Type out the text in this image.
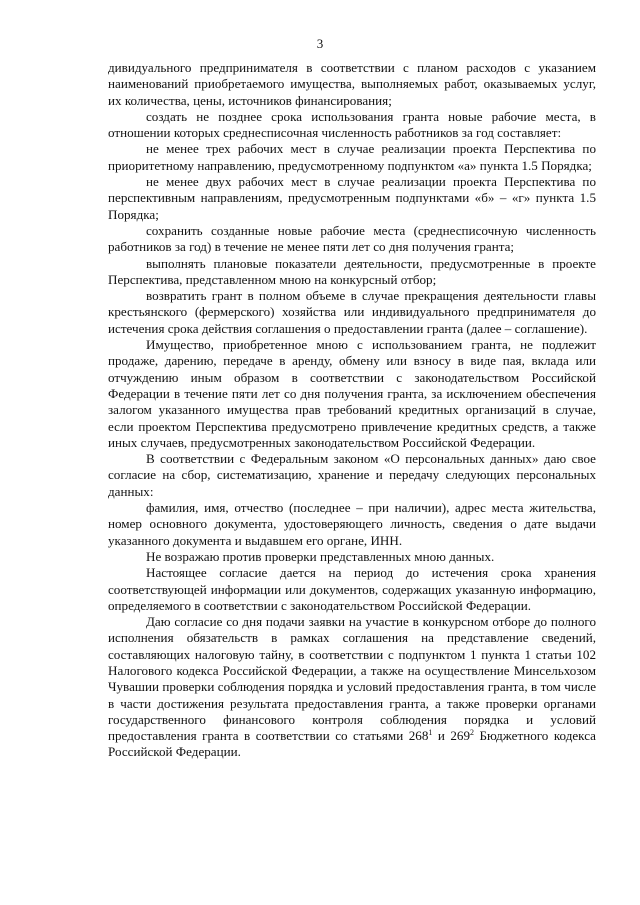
3

дивидуального предпринимателя в соответствии с планом расходов с указанием наименований приобретаемого имущества, выполняемых работ, оказываемых услуг, их количества, цены, источников финансирования;

создать не позднее срока использования гранта новые рабочие места, в отношении которых среднесписочная численность работников за год составляет:

не менее трех рабочих мест в случае реализации проекта Перспектива по приоритетному направлению, предусмотренному подпунктом «а» пункта 1.5 Порядка;

не менее двух рабочих мест в случае реализации проекта Перспектива по перспективным направлениям, предусмотренным подпунктами «б» – «г» пункта 1.5 Порядка;

сохранить созданные новые рабочие места (среднесписочную численность работников за год) в течение не менее пяти лет со дня получения гранта;

выполнять плановые показатели деятельности, предусмотренные в проекте Перспектива, представленном мною на конкурсный отбор;

возвратить грант в полном объеме в случае прекращения деятельности главы крестьянского (фермерского) хозяйства или индивидуального предпринимателя до истечения срока действия соглашения о предоставлении гранта (далее – соглашение).

Имущество, приобретенное мною с использованием гранта, не подлежит продаже, дарению, передаче в аренду, обмену или взносу в виде пая, вклада или отчуждению иным образом в соответствии с законодательством Российской Федерации в течение пяти лет со дня получения гранта, за исключением обеспечения залогом указанного имущества прав требований кредитных организаций в случае, если проектом Перспектива предусмотрено привлечение кредитных средств, а также иных случаев, предусмотренных законодательством Российской Федерации.

В соответствии с Федеральным законом «О персональных данных» даю свое согласие на сбор, систематизацию, хранение и передачу следующих персональных данных:

фамилия, имя, отчество (последнее – при наличии), адрес места жительства, номер основного документа, удостоверяющего личность, сведения о дате выдачи указанного документа и выдавшем его органе, ИНН.

Не возражаю против проверки представленных мною данных.

Настоящее согласие дается на период до истечения срока хранения соответствующей информации или документов, содержащих указанную информацию, определяемого в соответствии с законодательством Российской Федерации.

Даю согласие со дня подачи заявки на участие в конкурсном отборе до полного исполнения обязательств в рамках соглашения на представление сведений, составляющих налоговую тайну, в соответствии с подпунктом 1 пункта 1 статьи 102 Налогового кодекса Российской Федерации, а также на осуществление Минсельхозом Чувашии проверки соблюдения порядка и условий предоставления гранта, в том числе в части достижения результата предоставления гранта, а также проверки органами государственного финансового контроля соблюдения порядка и условий предоставления гранта в соответствии со статьями $268^1$ и $269^2$ Бюджетного кодекса Российской Федерации.
